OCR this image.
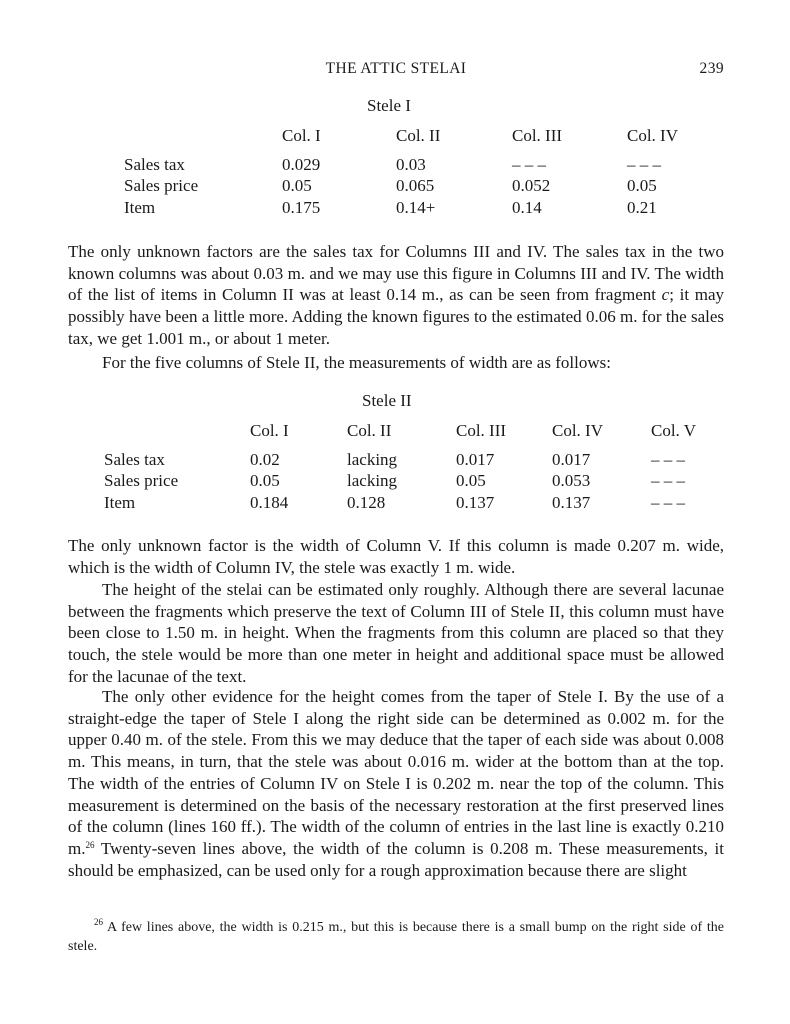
THE ATTIC STELAI	239
Stele I
	Col. I	Col. II	Col. III	Col. IV
Sales tax	0.029	0.03	– – –	– – –
Sales price	0.05	0.065	0.052	0.05
Item	0.175	0.14+	0.14	0.21

The only unknown factors are the sales tax for Columns III and IV. The sales tax in the two known columns was about 0.03 m. and we may use this figure in Columns III and IV. The width of the list of items in Column II was at least 0.14 m., as can be seen from fragment c; it may possibly have been a little more. Adding the known figures to the estimated 0.06 m. for the sales tax, we get 1.001 m., or about 1 meter.

For the five columns of Stele II, the measurements of width are as follows:

Stele II
	Col. I	Col. II	Col. III	Col. IV	Col. V
Sales tax	0.02	lacking	0.017	0.017	– – –
Sales price	0.05	lacking	0.05	0.053	– – –
Item	0.184	0.128	0.137	0.137	– – –

The only unknown factor is the width of Column V. If this column is made 0.207 m. wide, which is the width of Column IV, the stele was exactly 1 m. wide.

The height of the stelai can be estimated only roughly. Although there are several lacunae between the fragments which preserve the text of Column III of Stele II, this column must have been close to 1.50 m. in height. When the fragments from this column are placed so that they touch, the stele would be more than one meter in height and additional space must be allowed for the lacunae of the text.

The only other evidence for the height comes from the taper of Stele I. By the use of a straight-edge the taper of Stele I along the right side can be determined as 0.002 m. for the upper 0.40 m. of the stele. From this we may deduce that the taper of each side was about 0.008 m. This means, in turn, that the stele was about 0.016 m. wider at the bottom than at the top. The width of the entries of Column IV on Stele I is 0.202 m. near the top of the column. This measurement is determined on the basis of the necessary restoration at the first preserved lines of the column (lines 160 ff.). The width of the column of entries in the last line is exactly 0.210 m.$^{26}$ Twenty-seven lines above, the width of the column is 0.208 m. These measurements, it should be emphasized, can be used only for a rough approximation because there are slight

$^{26}$ A few lines above, the width is 0.215 m., but this is because there is a small bump on the right side of the stele.
